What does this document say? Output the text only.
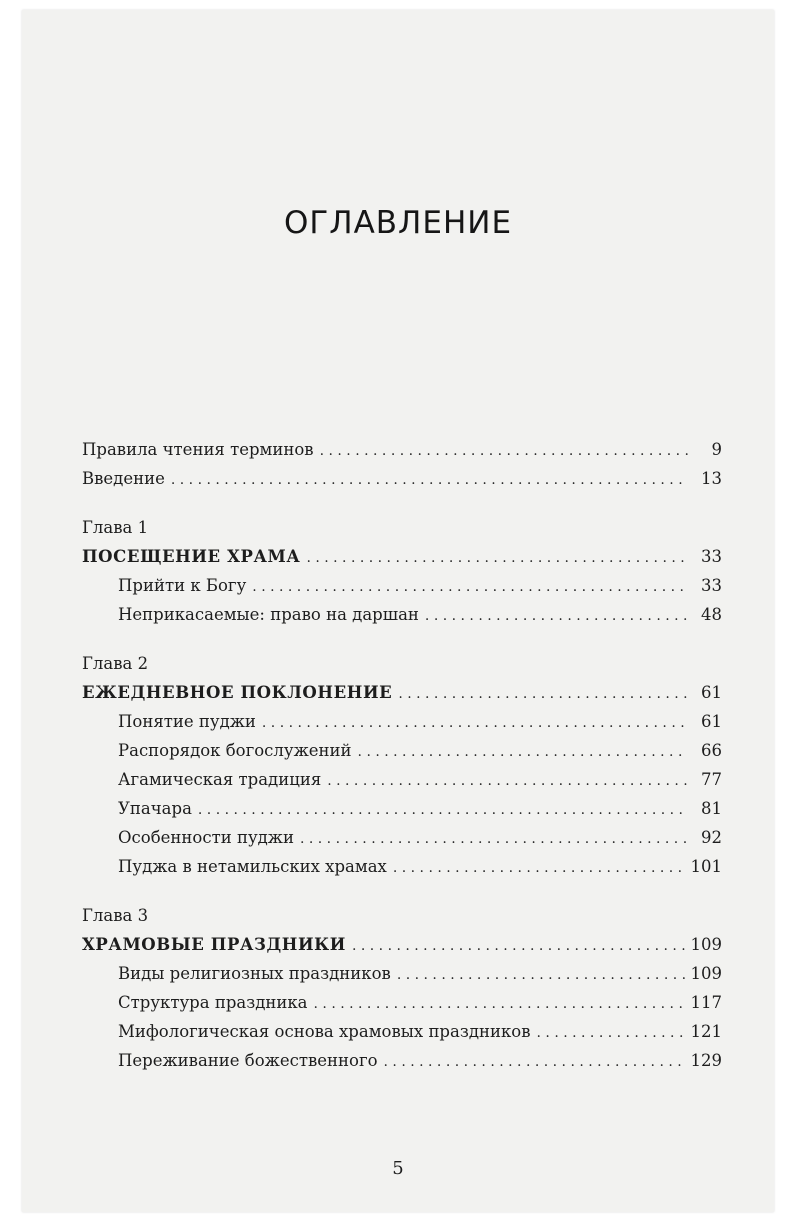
ОГЛАВЛЕНИЕ
Правила чтения терминов . . .	9
Введение . . .	13
Глава 1
ПОСЕЩЕНИЕ ХРАМА . . .	33
Прийти к Богу . . .	33
Неприкасаемые: право на даршан . . .	48
Глава 2
ЕЖЕДНЕВНОЕ ПОКЛОНЕНИЕ . . .	61
Понятие пуджи . . .	61
Распорядок богослужений . . .	66
Агамическая традиция . . .	77
Упачара . . .	81
Особенности пуджи . . .	92
Пуджа в нетамильских храмах . . .	101
Глава 3
ХРАМОВЫЕ ПРАЗДНИКИ . . .	109
Виды религиозных праздников . . .	109
Структура праздника . . .	117
Мифологическая основа храмовых праздников . . .	121
Переживание божественного . . .	129
5
